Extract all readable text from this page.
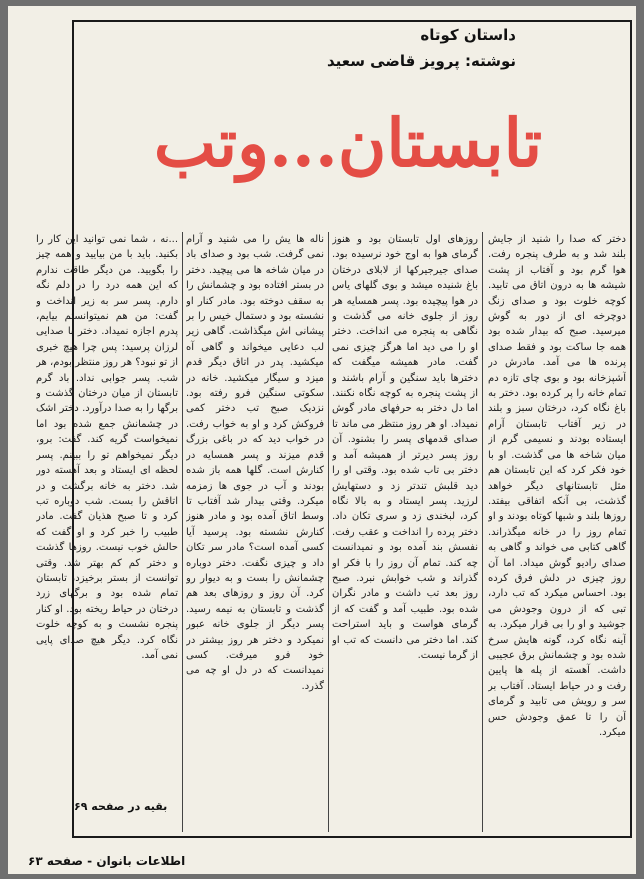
داستان کوتاه
نوشته: پرویز قاضی سعید
تابستان...وتب

دختر که صدا را شنید از جایش بلند شد و به طرف پنجره رفت. هوا گرم بود و آفتاب از پشت شیشه ها به درون اتاق می تابید. کوچه خلوت بود و صدای زنگ دوچرخه ای از دور به گوش میرسید. صبح که بیدار شده بود همه جا ساکت بود و فقط صدای پرنده ها می آمد. مادرش در آشپزخانه بود و بوی چای تازه دم تمام خانه را پر کرده بود. دختر به باغ نگاه کرد، درختان سبز و بلند در زیر آفتاب تابستان آرام ایستاده بودند و نسیمی گرم از میان شاخه ها می گذشت. او با خود فکر کرد که این تابستان هم مثل تابستانهای دیگر خواهد گذشت، بی آنکه اتفاقی بیفتد. روزها بلند و شبها کوتاه بودند و او تمام روز را در خانه میگذراند. گاهی کتابی می خواند و گاهی به صدای رادیو گوش میداد. اما آن روز چیزی در دلش فرق کرده بود. احساس میکرد که تب دارد، تبی که از درون وجودش می جوشید و او را بی قرار میکرد. به آینه نگاه کرد، گونه هایش سرخ شده بود و چشمانش برق عجیبی داشت. آهسته از پله ها پایین رفت و در حیاط ایستاد. آفتاب بر سر و رویش می تابید و گرمای آن را تا عمق وجودش حس میکرد.

روزهای اول تابستان بود و هنوز گرمای هوا به اوج خود نرسیده بود. صدای جیرجیرکها از لابلای درختان باغ شنیده میشد و بوی گلهای یاس در هوا پیچیده بود. پسر همسایه هر روز از جلوی خانه می گذشت و نگاهی به پنجره می انداخت. دختر او را می دید اما هرگز چیزی نمی گفت. مادر همیشه میگفت که دخترها باید سنگین و آرام باشند و از پشت پنجره به کوچه نگاه نکنند. اما دل دختر به حرفهای مادر گوش نمیداد. او هر روز منتظر می ماند تا صدای قدمهای پسر را بشنود. آن روز پسر دیرتر از همیشه آمد و دختر بی تاب شده بود. وقتی او را دید قلبش تندتر زد و دستهایش لرزید. پسر ایستاد و به بالا نگاه کرد، لبخندی زد و سری تکان داد. دختر پرده را انداخت و عقب رفت. نفسش بند آمده بود و نمیدانست چه کند. تمام آن روز را با فکر او گذراند و شب خوابش نبرد. صبح روز بعد تب داشت و مادر نگران شده بود. طبیب آمد و گفت که از گرمای هواست و باید استراحت کند. اما دختر می دانست که تب او از گرما نیست.

ناله ها یش را می شنید و آرام نمی گرفت. شب بود و صدای باد در میان شاخه ها می پیچید. دختر در بستر افتاده بود و چشمانش را به سقف دوخته بود. مادر کنار او نشسته بود و دستمال خیس را بر پیشانی اش میگذاشت. گاهی زیر لب دعایی میخواند و گاهی آه میکشید. پدر در اتاق دیگر قدم میزد و سیگار میکشید. خانه در سکوتی سنگین فرو رفته بود. نزدیک صبح تب دختر کمی فروکش کرد و او به خواب رفت. در خواب دید که در باغی بزرگ قدم میزند و پسر همسایه در کنارش است. گلها همه باز شده بودند و آب در جوی ها زمزمه میکرد. وقتی بیدار شد آفتاب تا وسط اتاق آمده بود و مادر هنوز کنارش نشسته بود. پرسید آیا کسی آمده است؟ مادر سر تکان داد و چیزی نگفت. دختر دوباره چشمانش را بست و به دیوار رو کرد. آن روز و روزهای بعد هم گذشت و تابستان به نیمه رسید. پسر دیگر از جلوی خانه عبور نمیکرد و دختر هر روز بیشتر در خود فرو میرفت. کسی نمیدانست که در دل او چه می گذرد.

...نه ، شما نمی توانید این کار را بکنید. باید با من بیایید و همه چیز را بگویید. من دیگر طاقت ندارم که این همه درد را در دلم نگه دارم. پسر سر به زیر انداخت و گفت: من هم نمیتوانستم بیایم، پدرم اجازه نمیداد. دختر با صدایی لرزان پرسید: پس چرا هیچ خبری از تو نبود؟ هر روز منتظر بودم، هر شب. پسر جوابی نداد. باد گرم تابستان از میان درختان گذشت و برگها را به صدا درآورد. دختر اشک در چشمانش جمع شده بود اما نمیخواست گریه کند. گفت: برو، دیگر نمیخواهم تو را ببینم. پسر لحظه ای ایستاد و بعد آهسته دور شد. دختر به خانه برگشت و در اتاقش را بست. شب دوباره تب کرد و تا صبح هذیان گفت. مادر طبیب را خبر کرد و او گفت که حالش خوب نیست. روزها گذشت و دختر کم کم بهتر شد. وقتی توانست از بستر برخیزد، تابستان تمام شده بود و برگهای زرد درختان در حیاط ریخته بود. او کنار پنجره نشست و به کوچه خلوت نگاه کرد. دیگر هیچ صدای پایی نمی آمد.

بقیه در صفحه ۶۹
اطلاعات بانوان - صفحه ۶۳
